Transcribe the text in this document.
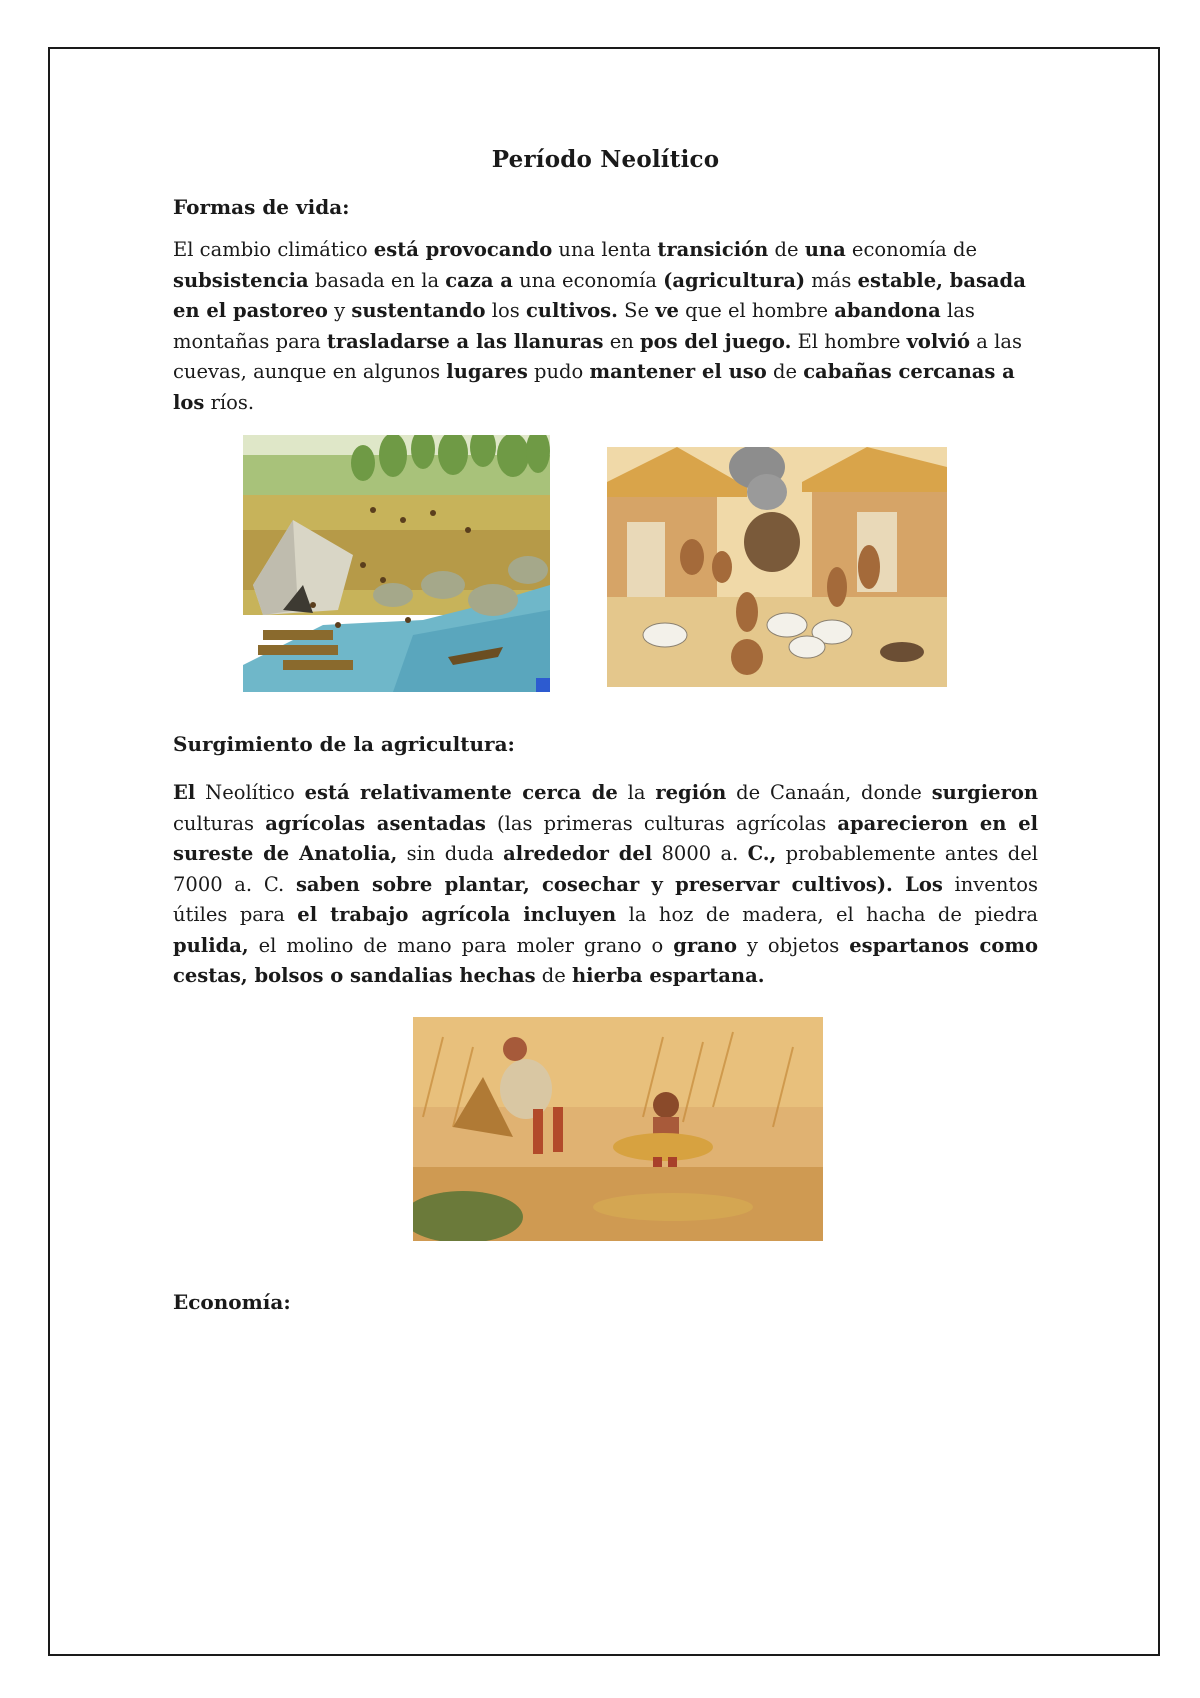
Período Neolítico
Formas de vida:

El cambio climático está provocando una lenta transición de una economía de subsistencia basada en la caza a una economía (agricultura) más estable, basada en el pastoreo y sustentando los cultivos. Se ve que el hombre abandona las montañas para trasladarse a las llanuras en pos del juego. El hombre volvió a las cuevas, aunque en algunos lugares pudo mantener el uso de cabañas cercanas a los ríos.

Surgimiento de la agricultura:

El Neolítico está relativamente cerca de la región de Canaán, donde surgieron culturas agrícolas asentadas (las primeras culturas agrícolas aparecieron en el sureste de Anatolia, sin duda alrededor del 8000 a. C., probablemente antes del 7000 a. C. saben sobre plantar, cosechar y preservar cultivos). Los inventos útiles para el trabajo agrícola incluyen la hoz de madera, el hacha de piedra pulida, el molino de mano para moler grano o grano y objetos espartanos como cestas, bolsos o sandalias hechas de hierba espartana.

Economía:
